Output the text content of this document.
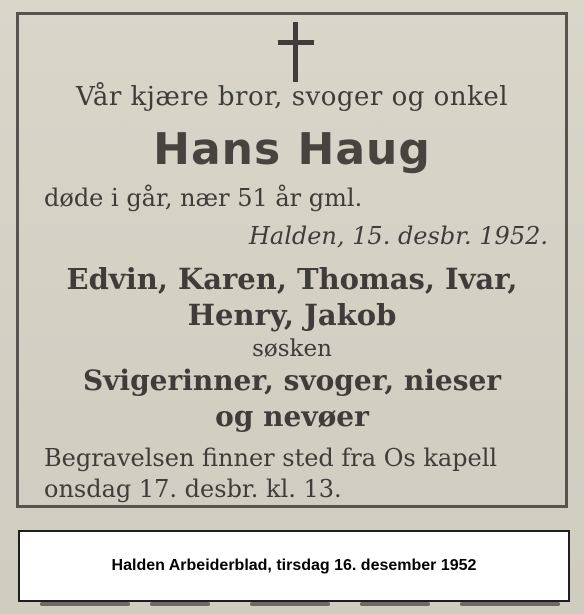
Vår kjære bror, svoger og onkel
Hans Haug
døde i går, nær 51 år gml.
Halden, 15. desbr. 1952.
Edvin, Karen, Thomas, Ivar,
Henry, Jakob
søsken
Svigerinner, svoger, nieser
og nevøer
Begravelsen finner sted fra Os kapell
onsdag 17. desbr. kl. 13.
Halden Arbeiderblad, tirsdag 16. desember 1952
